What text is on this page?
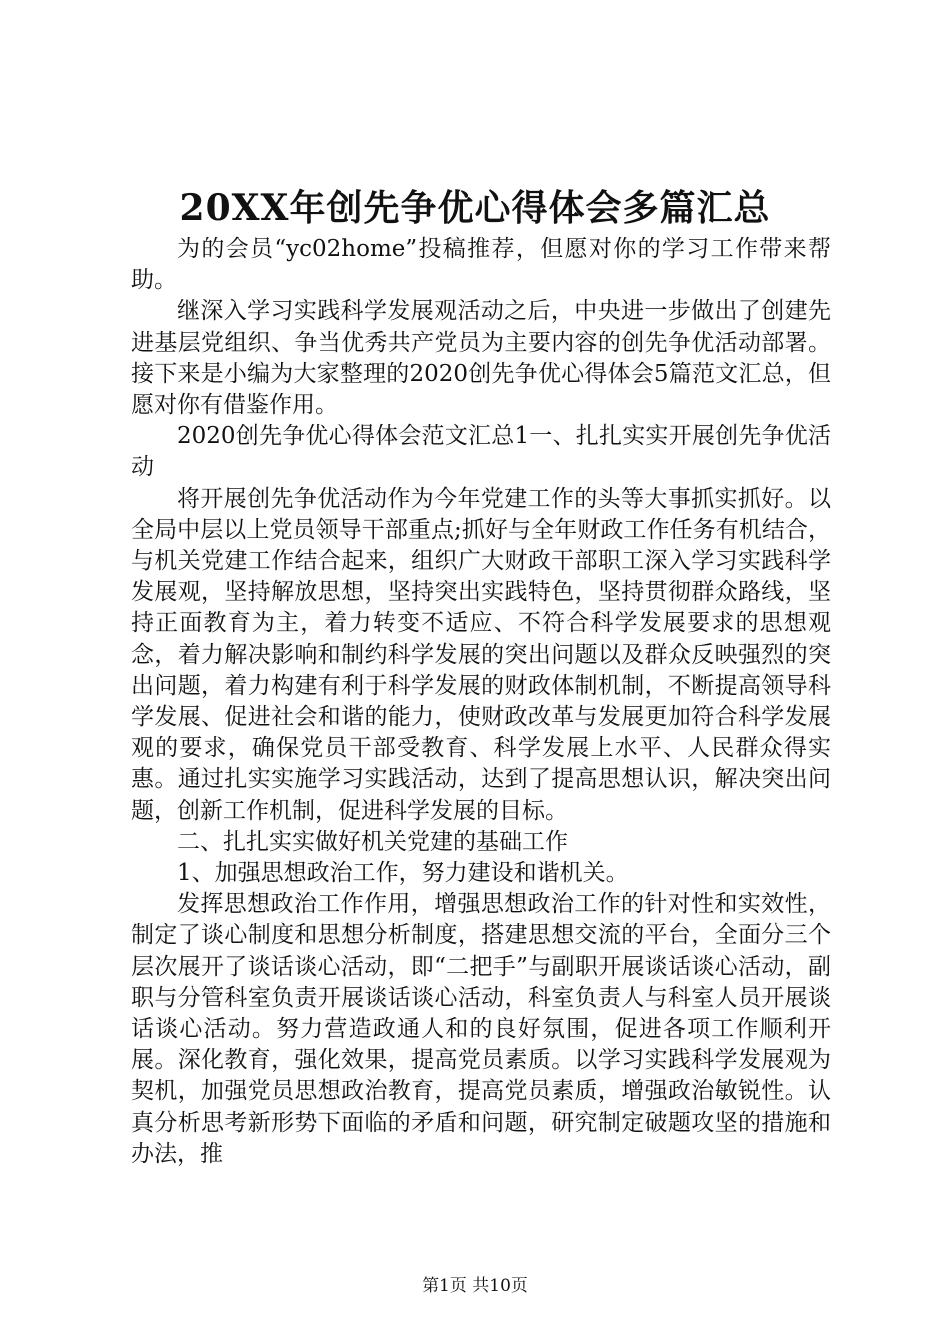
20XX年创先争优心得体会多篇汇总

为的会员“yc02home”投稿推荐，但愿对你的学习工作带来帮助。

继深入学习实践科学发展观活动之后，中央进一步做出了创建先进基层党组织、争当优秀共产党员为主要内容的创先争优活动部署。接下来是小编为大家整理的2020创先争优心得体会5篇范文汇总，但愿对你有借鉴作用。

2020创先争优心得体会范文汇总1一、扎扎实实开展创先争优活动

将开展创先争优活动作为今年党建工作的头等大事抓实抓好。以全局中层以上党员领导干部重点;抓好与全年财政工作任务有机结合，与机关党建工作结合起来，组织广大财政干部职工深入学习实践科学发展观，坚持解放思想，坚持突出实践特色，坚持贯彻群众路线，坚持正面教育为主，着力转变不适应、不符合科学发展要求的思想观念，着力解决影响和制约科学发展的突出问题以及群众反映强烈的突出问题，着力构建有利于科学发展的财政体制机制，不断提高领导科学发展、促进社会和谐的能力，使财政改革与发展更加符合科学发展观的要求，确保党员干部受教育、科学发展上水平、人民群众得实惠。通过扎实实施学习实践活动，达到了提高思想认识，解决突出问题，创新工作机制，促进科学发展的目标。

二、扎扎实实做好机关党建的基础工作

1、加强思想政治工作，努力建设和谐机关。

发挥思想政治工作作用，增强思想政治工作的针对性和实效性，制定了谈心制度和思想分析制度，搭建思想交流的平台，全面分三个层次展开了谈话谈心活动，即“二把手”与副职开展谈话谈心活动，副职与分管科室负责开展谈话谈心活动，科室负责人与科室人员开展谈话谈心活动。努力营造政通人和的良好氛围，促进各项工作顺利开展。深化教育，强化效果，提高党员素质。以学习实践科学发展观为契机，加强党员思想政治教育，提高党员素质，增强政治敏锐性。认真分析思考新形势下面临的矛盾和问题，研究制定破题攻坚的措施和办法，推

第1页 共10页
